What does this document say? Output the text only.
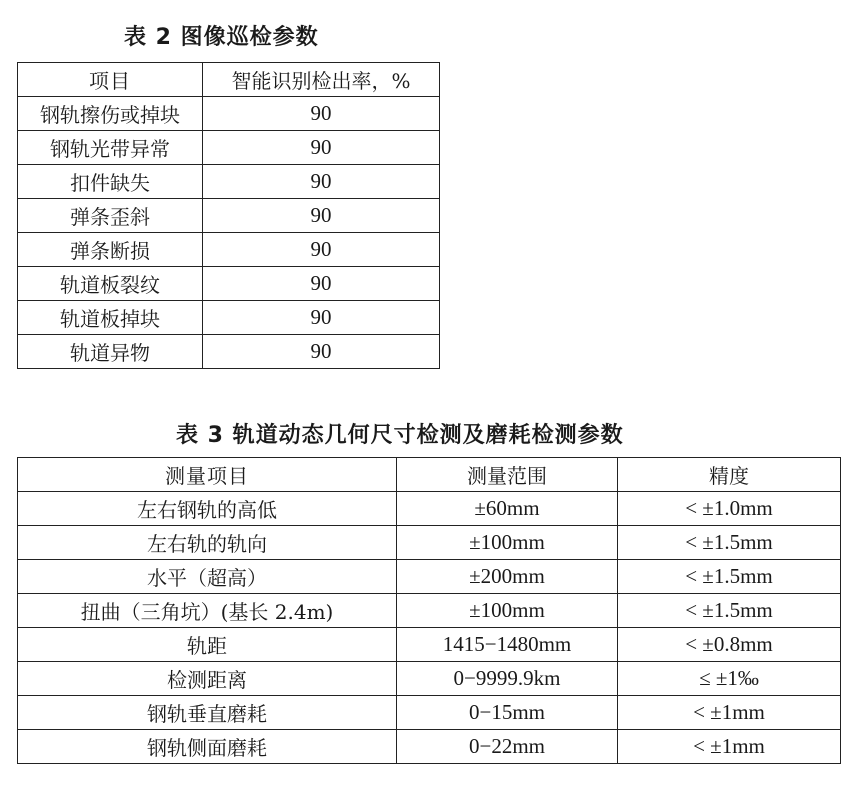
表 2 图像巡检参数
项目	智能识别检出率，%
钢轨擦伤或掉块	90
钢轨光带异常	90
扣件缺失	90
弹条歪斜	90
弹条断损	90
轨道板裂纹	90
轨道板掉块	90
轨道异物	90
表 3 轨道动态几何尺寸检测及磨耗检测参数
测量项目	测量范围	精度
左右钢轨的高低	±60mm	< ±1.0mm
左右轨的轨向	±100mm	< ±1.5mm
水平（超高）	±200mm	< ±1.5mm
扭曲（三角坑）(基长 2.4m)	±100mm	< ±1.5mm
轨距	1415−1480mm	< ±0.8mm
检测距离	0−9999.9km	≤ ±1‰
钢轨垂直磨耗	0−15mm	< ±1mm
钢轨侧面磨耗	0−22mm	< ±1mm
